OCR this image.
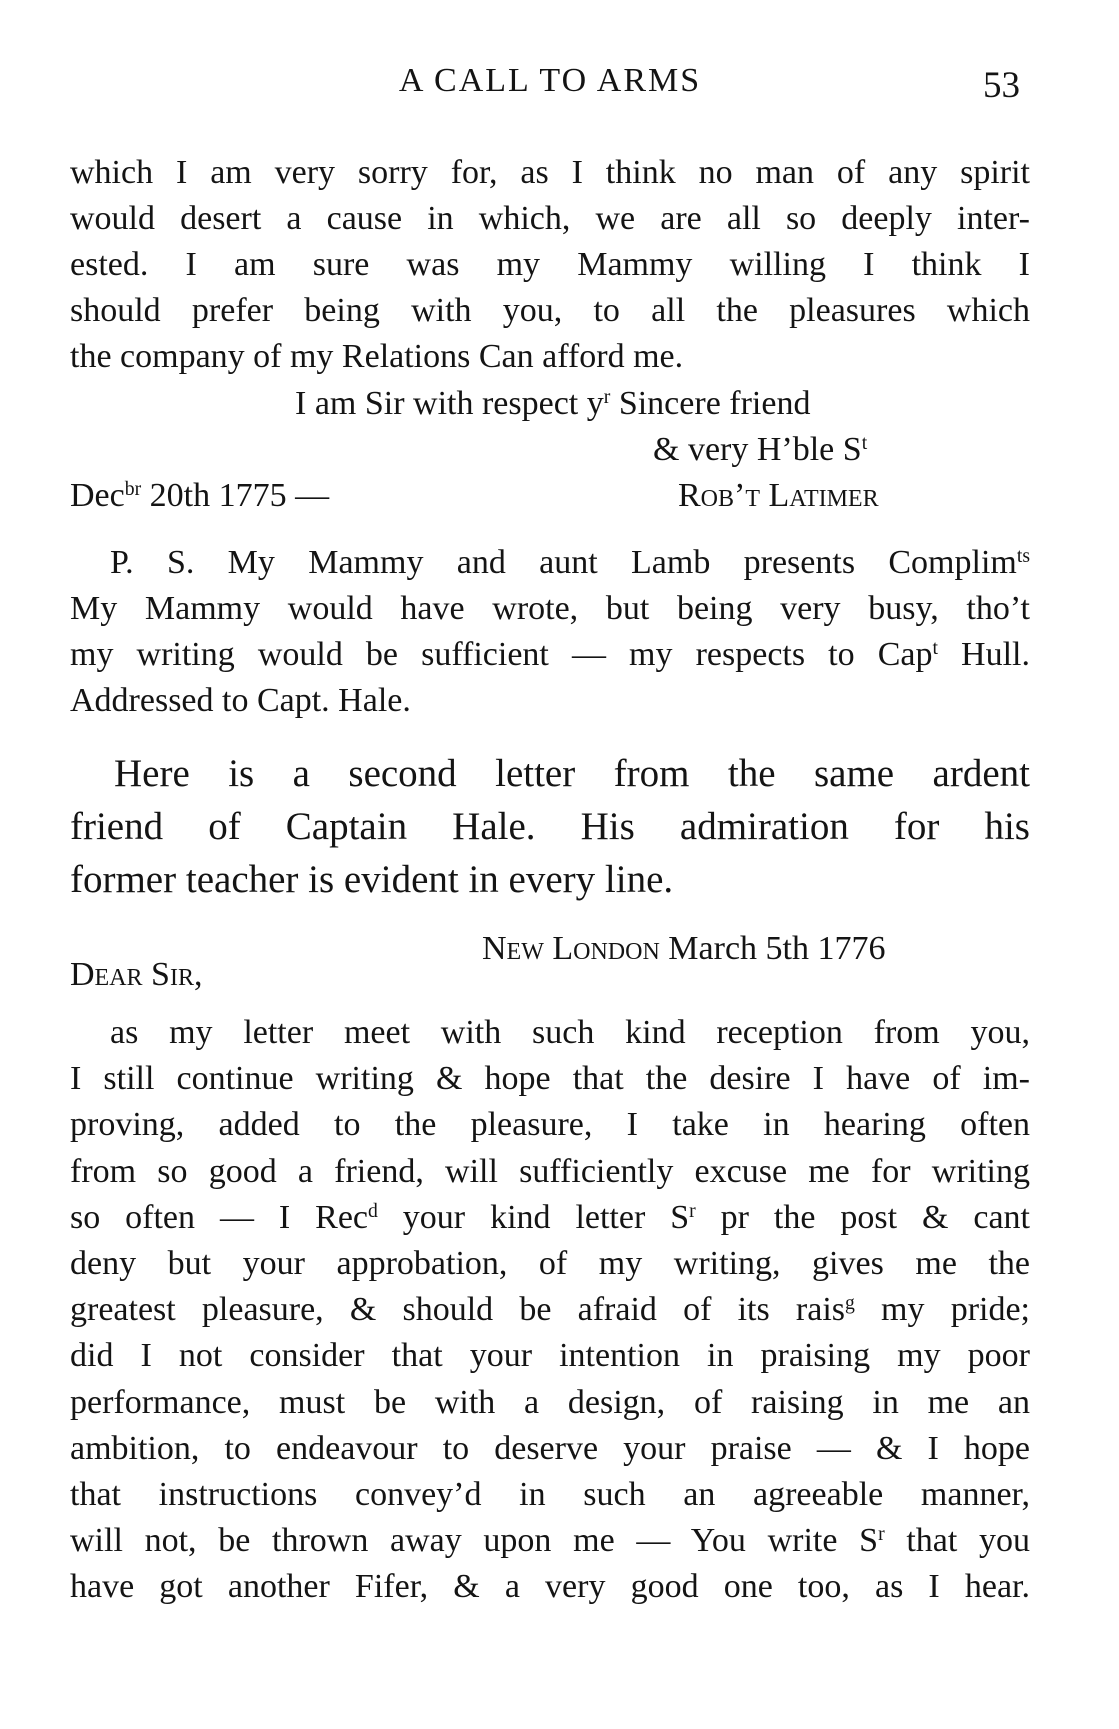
A CALL TO ARMS	53
which I am very sorry for, as I think no man of any spirit
would desert a cause in which, we are all so deeply inter-
ested. I am sure was my Mammy willing I think I
should prefer being with you, to all the pleasures which
the company of my Relations Can afford me.
I am Sir with respect $y^r$ Sincere friend
& very H’ble $S^t$
Dec$^{br}$ 20th 1775 —	Rob’t Latimer
P. S. My Mammy and aunt Lamb presents Complim$^{ts}$
My Mammy would have wrote, but being very busy, tho’t
my writing would be sufficient — my respects to Cap$^t$ Hull.
Addressed to Capt. Hale.
Here is a second letter from the same ardent
friend of Captain Hale. His admiration for his
former teacher is evident in every line.
Dear Sir,
New London March 5th 1776
as my letter meet with such kind reception from you,
I still continue writing & hope that the desire I have of im-
proving, added to the pleasure, I take in hearing often
from so good a friend, will sufficiently excuse me for writing
so often — I Rec$^d$ your kind letter $S^r$ pr the post & cant
deny but your approbation, of my writing, gives me the
greatest pleasure, & should be afraid of its rais$^g$ my pride;
did I not consider that your intention in praising my poor
performance, must be with a design, of raising in me an
ambition, to endeavour to deserve your praise — & I hope
that instructions convey’d in such an agreeable manner,
will not, be thrown away upon me — You write $S^r$ that you
have got another Fifer, & a very good one too, as I hear.
